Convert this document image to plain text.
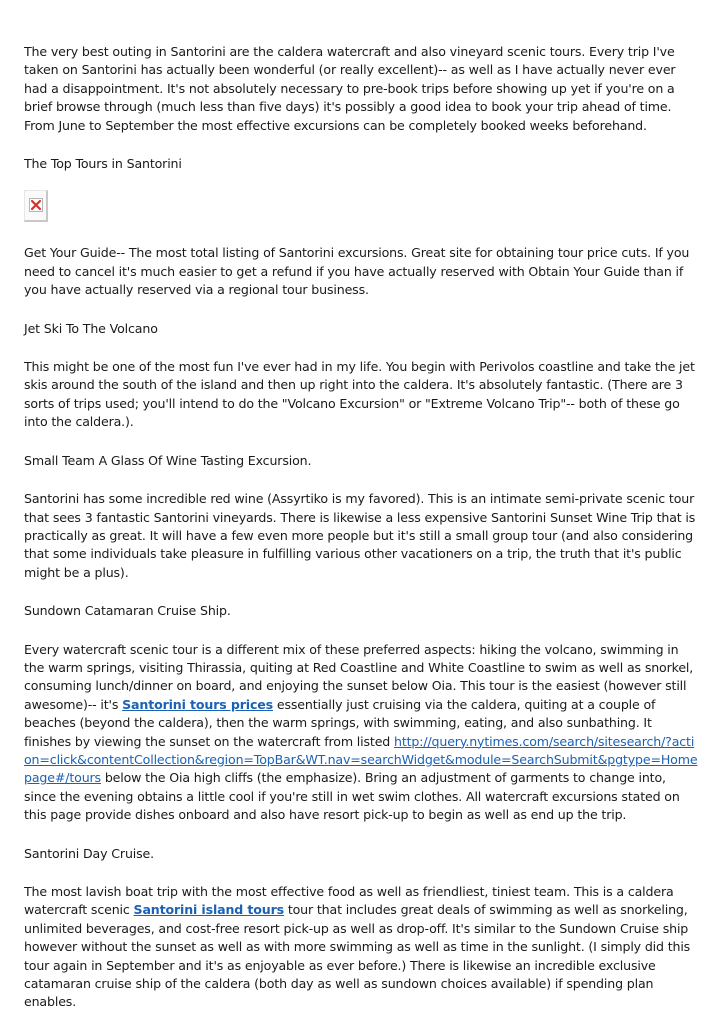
The very best outing in Santorini are the caldera watercraft and also vineyard scenic tours. Every trip I've taken on Santorini has actually been wonderful (or really excellent)-- as well as I have actually never ever had a disappointment. It's not absolutely necessary to pre-book trips before showing up yet if you're on a brief browse through (much less than five days) it's possibly a good idea to book your trip ahead of time. From June to September the most effective excursions can be completely booked weeks beforehand.

The Top Tours in Santorini

Get Your Guide-- The most total listing of Santorini excursions. Great site for obtaining tour price cuts. If you need to cancel it's much easier to get a refund if you have actually reserved with Obtain Your Guide than if you have actually reserved via a regional tour business.

Jet Ski To The Volcano

This might be one of the most fun I've ever had in my life. You begin with Perivolos coastline and take the jet skis around the south of the island and then up right into the caldera. It's absolutely fantastic. (There are 3 sorts of trips used; you'll intend to do the "Volcano Excursion" or "Extreme Volcano Trip"-- both of these go into the caldera.).

Small Team A Glass Of Wine Tasting Excursion.

Santorini has some incredible red wine (Assyrtiko is my favored). This is an intimate semi-private scenic tour that sees 3 fantastic Santorini vineyards. There is likewise a less expensive Santorini Sunset Wine Trip that is practically as great. It will have a few even more people but it's still a small group tour (and also considering that some individuals take pleasure in fulfilling various other vacationers on a trip, the truth that it's public might be a plus).

Sundown Catamaran Cruise Ship.

Every watercraft scenic tour is a different mix of these preferred aspects: hiking the volcano, swimming in the warm springs, visiting Thirassia, quiting at Red Coastline and White Coastline to swim as well as snorkel, consuming lunch/dinner on board, and enjoying the sunset below Oia. This tour is the easiest (however still awesome)-- it's Santorini tours prices essentially just cruising via the caldera, quiting at a couple of beaches (beyond the caldera), then the warm springs, with swimming, eating, and also sunbathing. It finishes by viewing the sunset on the watercraft from listed http://query.nytimes.com/search/sitesearch/?action=click&contentCollection&region=TopBar&WT.nav=searchWidget&module=SearchSubmit&pgtype=Homepage#/tours below the Oia high cliffs (the emphasize). Bring an adjustment of garments to change into, since the evening obtains a little cool if you're still in wet swim clothes. All watercraft excursions stated on this page provide dishes onboard and also have resort pick-up to begin as well as end up the trip.

Santorini Day Cruise.

The most lavish boat trip with the most effective food as well as friendliest, tiniest team. This is a caldera watercraft scenic Santorini island tours tour that includes great deals of swimming as well as snorkeling, unlimited beverages, and cost-free resort pick-up as well as drop-off. It's similar to the Sundown Cruise ship however without the sunset as well as with more swimming as well as time in the sunlight. (I simply did this tour again in September and it's as enjoyable as ever before.) There is likewise an incredible exclusive catamaran cruise ship of the caldera (both day as well as sundown choices available) if spending plan enables.
